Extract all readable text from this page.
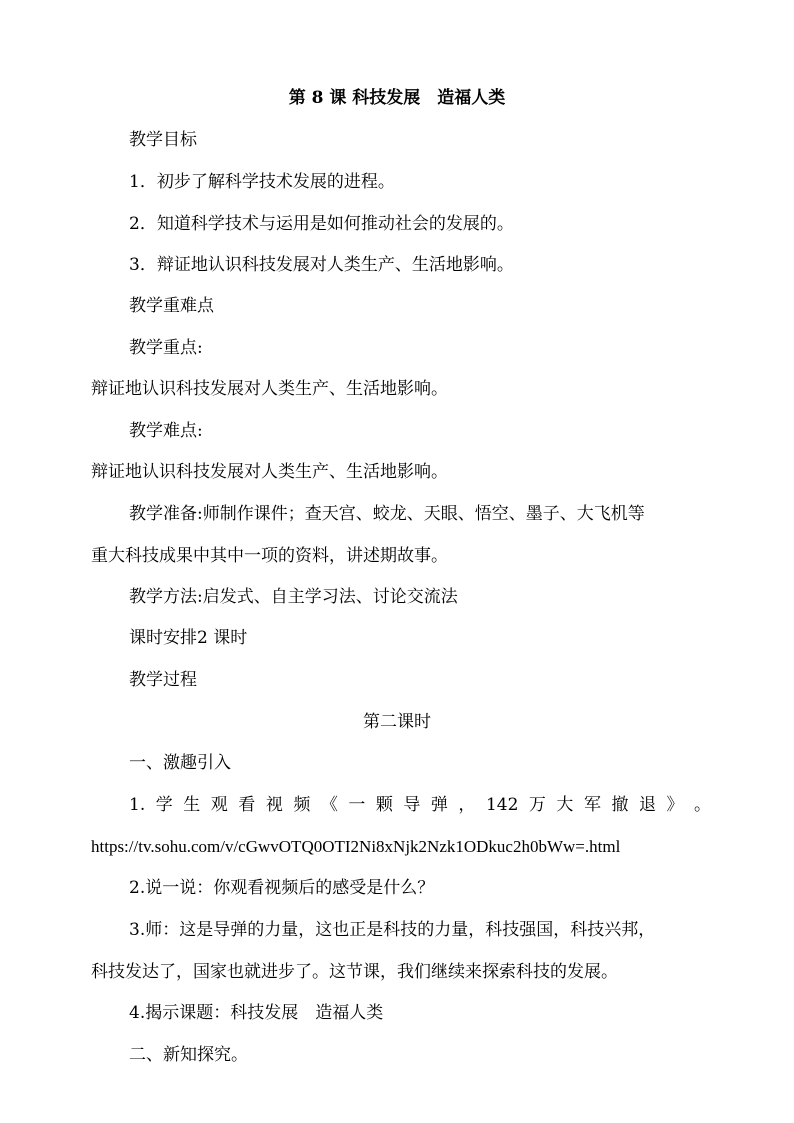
第 8 课 科技发展　造福人类
教学目标
1．初步了解科学技术发展的进程。
2．知道科学技术与运用是如何推动社会的发展的。
3．辩证地认识科技发展对人类生产、生活地影响。
教学重难点
教学重点:
辩证地认识科技发展对人类生产、生活地影响。
教学难点:
辩证地认识科技发展对人类生产、生活地影响。
教学准备:师制作课件；查天宫、蛟龙、天眼、悟空、墨子、大飞机等
重大科技成果中其中一项的资料，讲述期故事。
教学方法:启发式、自主学习法、讨论交流法
课时安排2 课时
教学过程
第二课时
一、激趣引入
1. 学 生 观 看 视 频 《 一 颗 导 弹 ， 142 万 大 军 撤 退 》 。
https://tv.sohu.com/v/cGwvOTQ0OTI2Ni8xNjk2Nzk1ODkuc2h0bWw=.html
2.说一说：你观看视频后的感受是什么？
3.师：这是导弹的力量，这也正是科技的力量，科技强国，科技兴邦，
科技发达了，国家也就进步了。这节课，我们继续来探索科技的发展。
4.揭示课题：科技发展　造福人类
二、新知探究。
